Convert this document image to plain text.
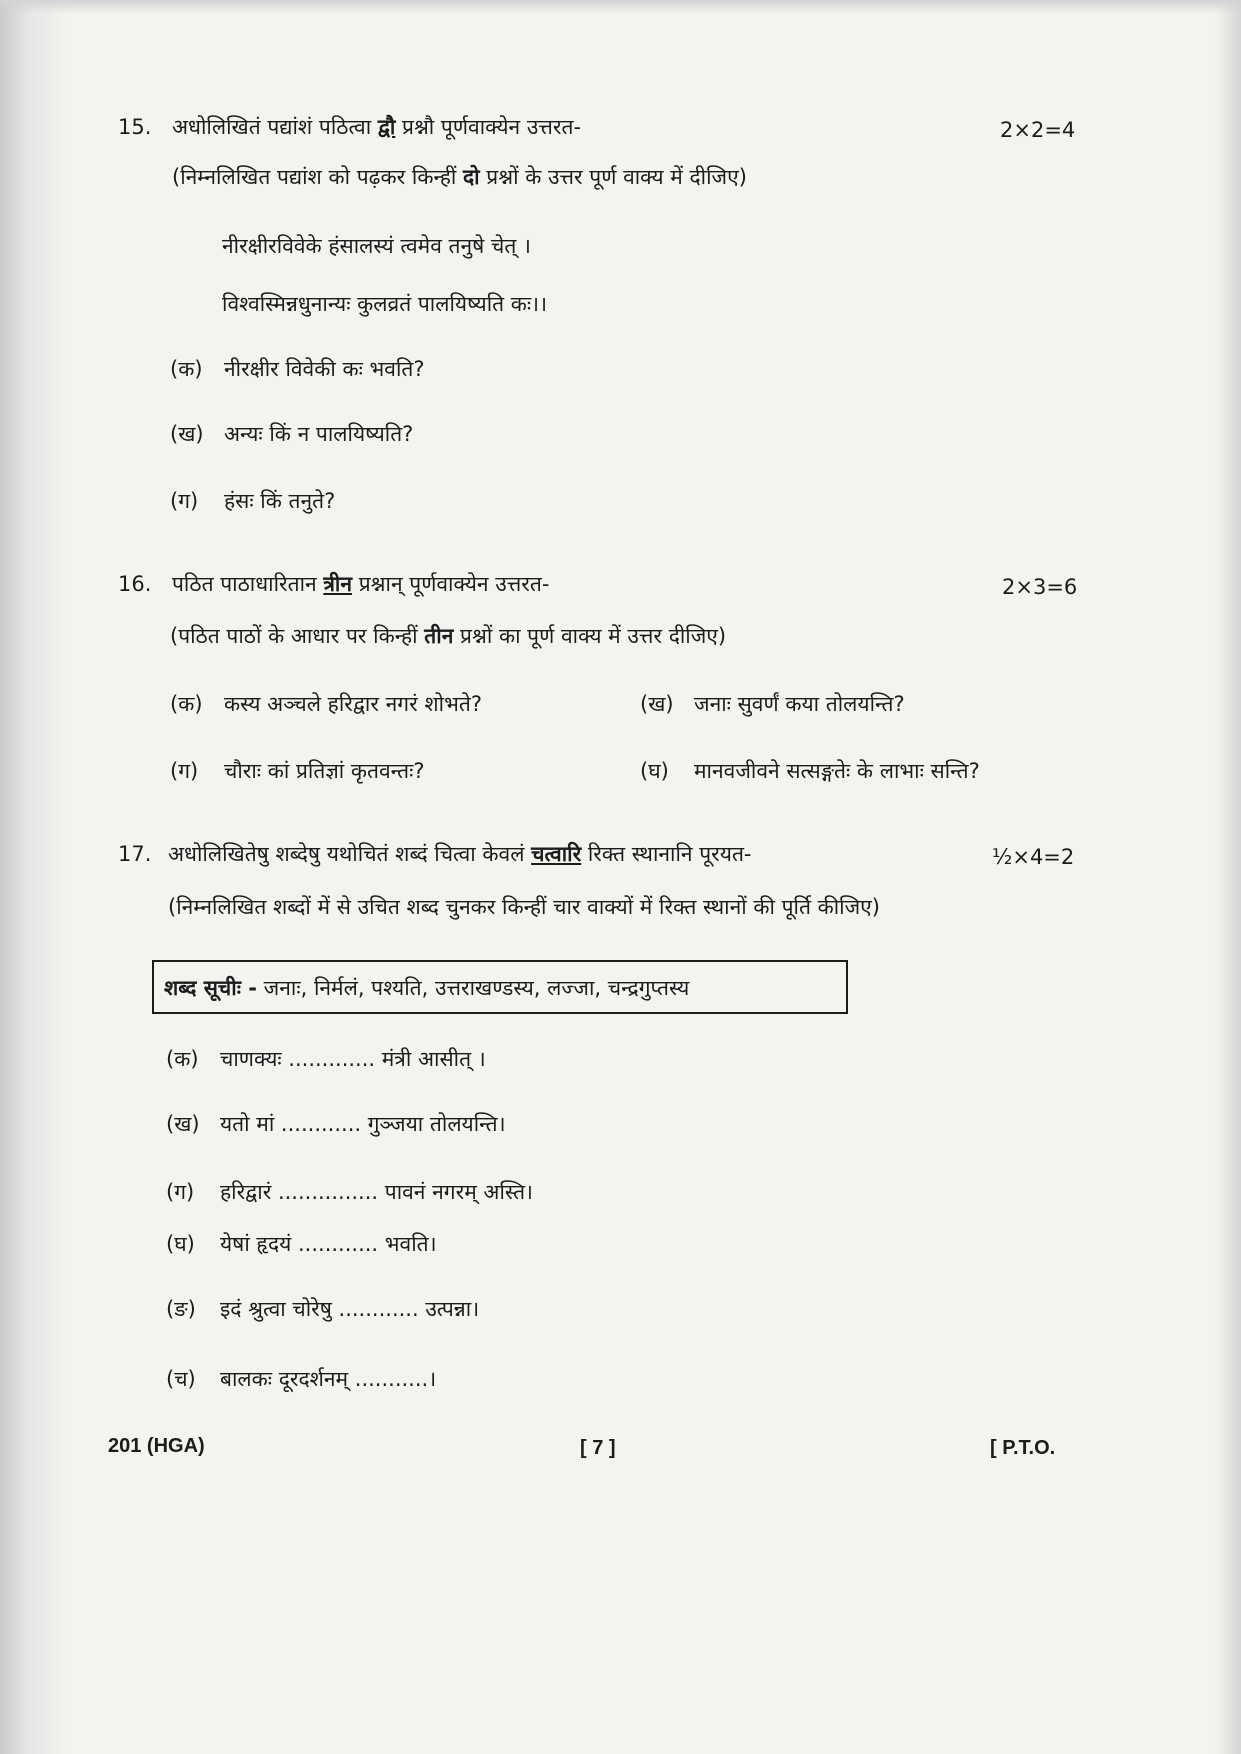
15. अधोलिखितं पद्यांशं पठित्वा द्वौ प्रश्नौ पूर्णवाक्येन उत्तरत-	2×2=4
(निम्नलिखित पद्यांश को पढ़कर किन्हीं दो प्रश्नों के उत्तर पूर्ण वाक्य में दीजिए)
नीरक्षीरविवेके हंसालस्यं त्वमेव तनुषे चेत् ।
विश्वस्मिन्नधुनान्यः कुलव्रतं पालयिष्यति कः।।
(क) नीरक्षीर विवेकी कः भवति?
(ख) अन्यः किं न पालयिष्यति?
(ग) हंसः किं तनुते?
16. पठित पाठाधारितान त्रीन प्रश्नान् पूर्णवाक्येन उत्तरत-	2×3=6
(पठित पाठों के आधार पर किन्हीं तीन प्रश्नों का पूर्ण वाक्य में उत्तर दीजिए)
(क) कस्य अञ्चले हरिद्वार नगरं शोभते?	(ख) जनाः सुवर्णं कया तोलयन्ति?
(ग) चौराः कां प्रतिज्ञां कृतवन्तः?	(घ) मानवजीवने सत्सङ्गतेः के लाभाः सन्ति?
17. अधोलिखितेषु शब्देषु यथोचितं शब्दं चित्वा केवलं चत्वारि रिक्त स्थानानि पूरयत-	½×4=2
(निम्नलिखित शब्दों में से उचित शब्द चुनकर किन्हीं चार वाक्यों में रिक्त स्थानों की पूर्ति कीजिए)
शब्द सूचीः - जनाः, निर्मलं, पश्यति, उत्तराखण्डस्य, लज्जा, चन्द्रगुप्तस्य
(क) चाणक्यः ............. मंत्री आसीत् ।
(ख) यतो मां ............ गुञ्जया तोलयन्ति।
(ग) हरिद्वारं ............... पावनं नगरम् अस्ति।
(घ) येषां हृदयं ............ भवति।
(ङ) इदं श्रुत्वा चोरेषु ............ उत्पन्ना।
(च) बालकः दूरदर्शनम् ...........।
201 (HGA)	[ 7 ]	[ P.T.O.
